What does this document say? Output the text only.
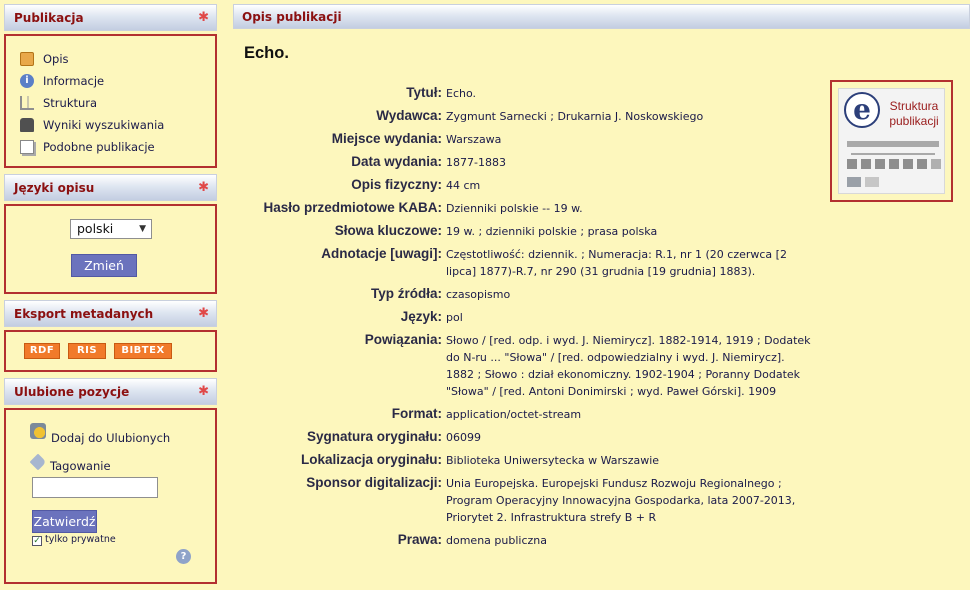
Publikacja	✱
Opis
i	Informacje
Struktura
Wyniki wyszukiwania
Podobne publikacje
Języki opisu	✱
polski	▼
Zmień
Eksport metadanych	✱
RDF	RIS	BIBTEX
Ulubione pozycje	✱
Dodaj do Ulubionych
Tagowanie
Zatwierdź
✓ tylko prywatne
?
Opis publikacji
Echo.
Tytuł: Echo.
Wydawca: Zygmunt Sarnecki ; Drukarnia J. Noskowskiego
Miejsce wydania: Warszawa
Data wydania: 1877-1883
Opis fizyczny: 44 cm
Hasło przedmiotowe KABA: Dzienniki polskie -- 19 w.
Słowa kluczowe: 19 w. ; dzienniki polskie ; prasa polska
Adnotacje [uwagi]: Częstotliwość: dziennik. ; Numeracja: R.1, nr 1 (20 czerwca [2 lipca] 1877)-R.7, nr 290 (31 grudnia [19 grudnia] 1883).
Typ źródła: czasopismo
Język: pol
Powiązania: Słowo / [red. odp. i wyd. J. Niemirycz]. 1882-1914, 1919 ; Dodatek do N-ru ... "Słowa" / [red. odpowiedzialny i wyd. J. Niemirycz]. 1882 ; Słowo : dział ekonomiczny. 1902-1904 ; Poranny Dodatek "Słowa" / [red. Antoni Donimirski ; wyd. Paweł Górski]. 1909
Format: application/octet-stream
Sygnatura oryginału: 06099
Lokalizacja oryginału: Biblioteka Uniwersytecka w Warszawie
Sponsor digitalizacji: Unia Europejska. Europejski Fundusz Rozwoju Regionalnego ; Program Operacyjny Innowacyjna Gospodarka, lata 2007-2013, Priorytet 2. Infrastruktura strefy B + R
Prawa: domena publiczna
e	Struktura publikacji
